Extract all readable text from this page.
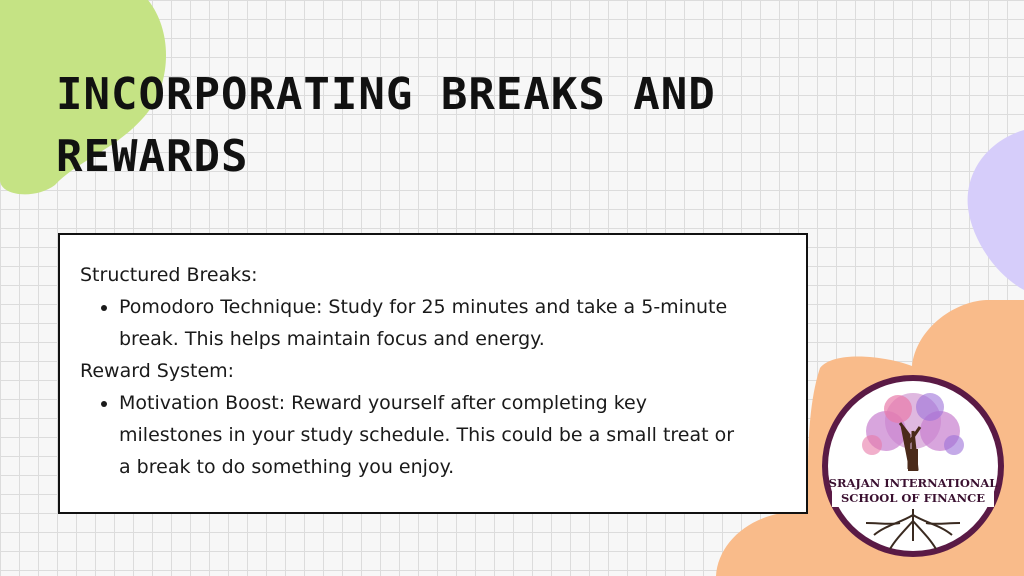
INCORPORATING BREAKS AND REWARDS

Structured Breaks:

• Pomodoro Technique: Study for 25 minutes and take a 5-minute break. This helps maintain focus and energy.

Reward System:

• Motivation Boost: Reward yourself after completing key milestones in your study schedule. This could be a small treat or a break to do something you enjoy.
SRAJAN INTERNATIONAL
SCHOOL OF FINANCE
